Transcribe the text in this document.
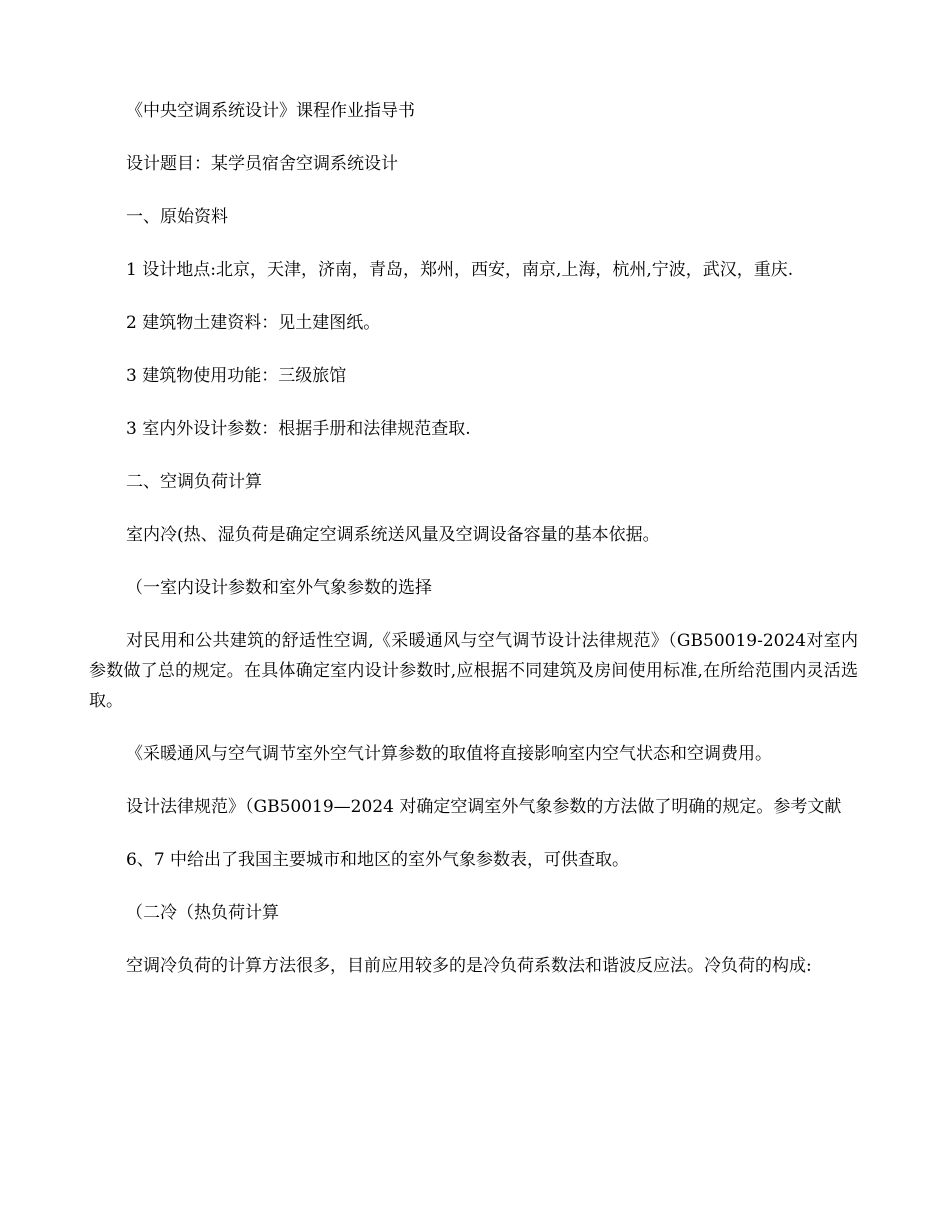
《中央空调系统设计》课程作业指导书

设计题目：某学员宿舍空调系统设计

一、原始资料

1 设计地点:北京，天津，济南，青岛，郑州，西安，南京,上海，杭州,宁波，武汉，重庆.

2 建筑物土建资料：见土建图纸。

3 建筑物使用功能：三级旅馆

3 室内外设计参数：根据手册和法律规范查取.

二、空调负荷计算

室内冷(热、湿负荷是确定空调系统送风量及空调设备容量的基本依据。

（一室内设计参数和室外气象参数的选择

对民用和公共建筑的舒适性空调,《采暖通风与空气调节设计法律规范》（GB50019-2024对室内参数做了总的规定。在具体确定室内设计参数时,应根据不同建筑及房间使用标准,在所给范围内灵活选取。

《采暖通风与空气调节室外空气计算参数的取值将直接影响室内空气状态和空调费用。

设计法律规范》（GB50019—2024 对确定空调室外气象参数的方法做了明确的规定。参考文献

6、7 中给出了我国主要城市和地区的室外气象参数表，可供查取。

（二冷（热负荷计算

空调冷负荷的计算方法很多，目前应用较多的是冷负荷系数法和谐波反应法。冷负荷的构成:
